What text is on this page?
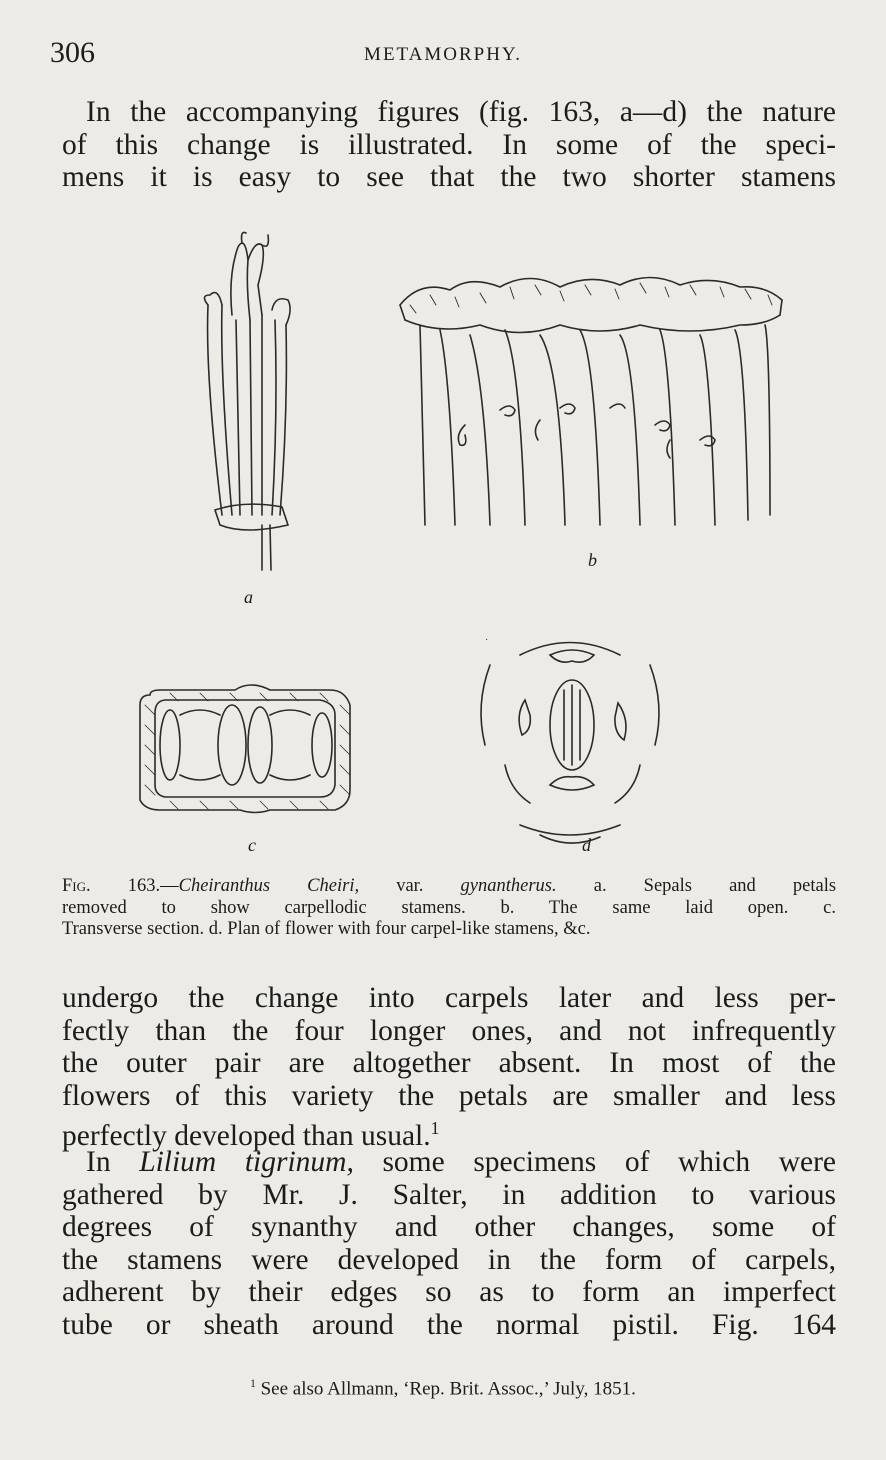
306	METAMORPHY.
In the accompanying figures (fig. 163, a—d) the nature
of this change is illustrated. In some of the speci-
mens it is easy to see that the two shorter stamens
·
a
b
c	d
Fig. 163.—Cheiranthus Cheiri, var. gynantherus. a. Sepals and petals
removed to show carpellodic stamens. b. The same laid open. c.
Transverse section. d. Plan of flower with four carpel-like stamens, &c.
undergo the change into carpels later and less per-
fectly than the four longer ones, and not infrequently
the outer pair are altogether absent. In most of the
flowers of this variety the petals are smaller and less
perfectly developed than usual.$^1$
In Lilium tigrinum, some specimens of which were
gathered by Mr. J. Salter, in addition to various
degrees of synanthy and other changes, some of
the stamens were developed in the form of carpels,
adherent by their edges so as to form an imperfect
tube or sheath around the normal pistil. Fig. 164
$^1$ See also Allmann, ‘Rep. Brit. Assoc.,’ July, 1851.
